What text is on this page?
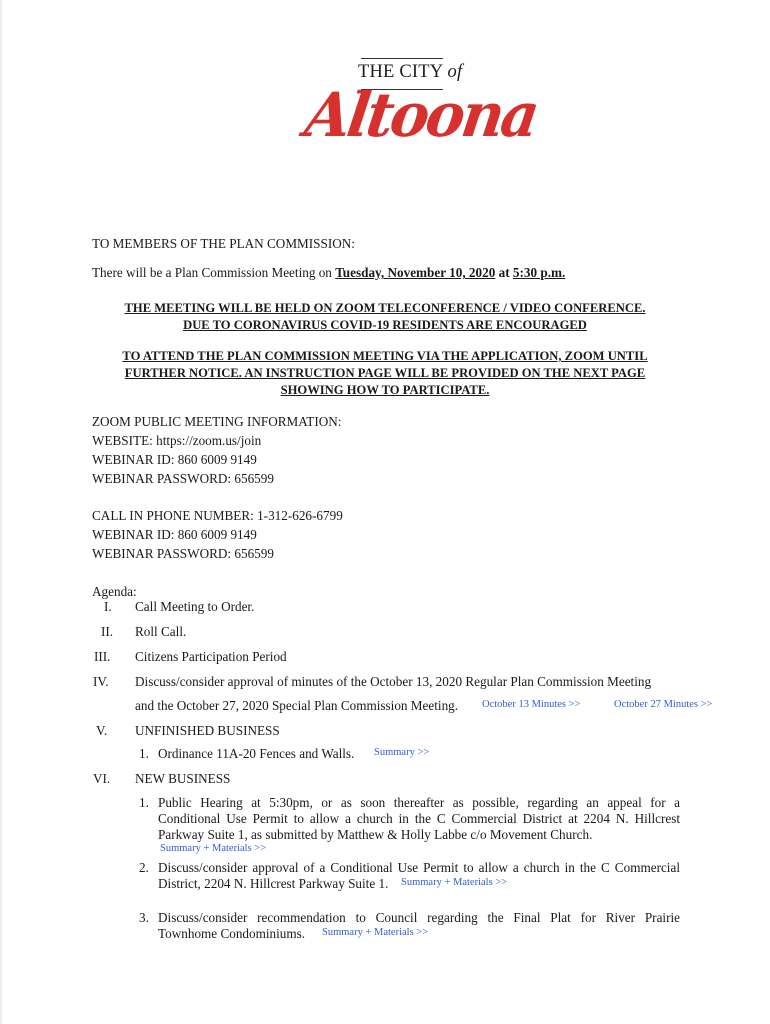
THE CITY of
Altoona
TO MEMBERS OF THE PLAN COMMISSION:
There will be a Plan Commission Meeting on Tuesday, November 10, 2020 at 5:30 p.m.
THE MEETING WILL BE HELD ON ZOOM TELECONFERENCE / VIDEO CONFERENCE.
DUE TO CORONAVIRUS COVID-19 RESIDENTS ARE ENCOURAGED
TO ATTEND THE PLAN COMMISSION MEETING VIA THE APPLICATION, ZOOM UNTIL
FURTHER NOTICE. AN INSTRUCTION PAGE WILL BE PROVIDED ON THE NEXT PAGE
SHOWING HOW TO PARTICIPATE.
ZOOM PUBLIC MEETING INFORMATION:
WEBSITE: https://zoom.us/join
WEBINAR ID: 860 6009 9149
WEBINAR PASSWORD: 656599
CALL IN PHONE NUMBER: 1-312-626-6799
WEBINAR ID: 860 6009 9149
WEBINAR PASSWORD: 656599
Agenda:
I. Call Meeting to Order.
II. Roll Call.
III. Citizens Participation Period
IV. Discuss/consider approval of minutes of the October 13, 2020 Regular Plan Commission Meeting
and the October 27, 2020 Special Plan Commission Meeting. October 13 Minutes >>	October 27 Minutes >>
V. UNFINISHED BUSINESS
1. Ordinance 11A-20 Fences and Walls. Summary >>
VI. NEW BUSINESS
1. Public Hearing at 5:30pm, or as soon thereafter as possible, regarding an appeal for a
Conditional Use Permit to allow a church in the C Commercial District at 2204 N. Hillcrest
Parkway Suite 1, as submitted by Matthew & Holly Labbe c/o Movement Church.
Summary + Materials >>
2. Discuss/consider approval of a Conditional Use Permit to allow a church in the C Commercial
District, 2204 N. Hillcrest Parkway Suite 1. Summary + Materials >>
3. Discuss/consider recommendation to Council regarding the Final Plat for River Prairie
Townhome Condominiums. Summary + Materials >>
